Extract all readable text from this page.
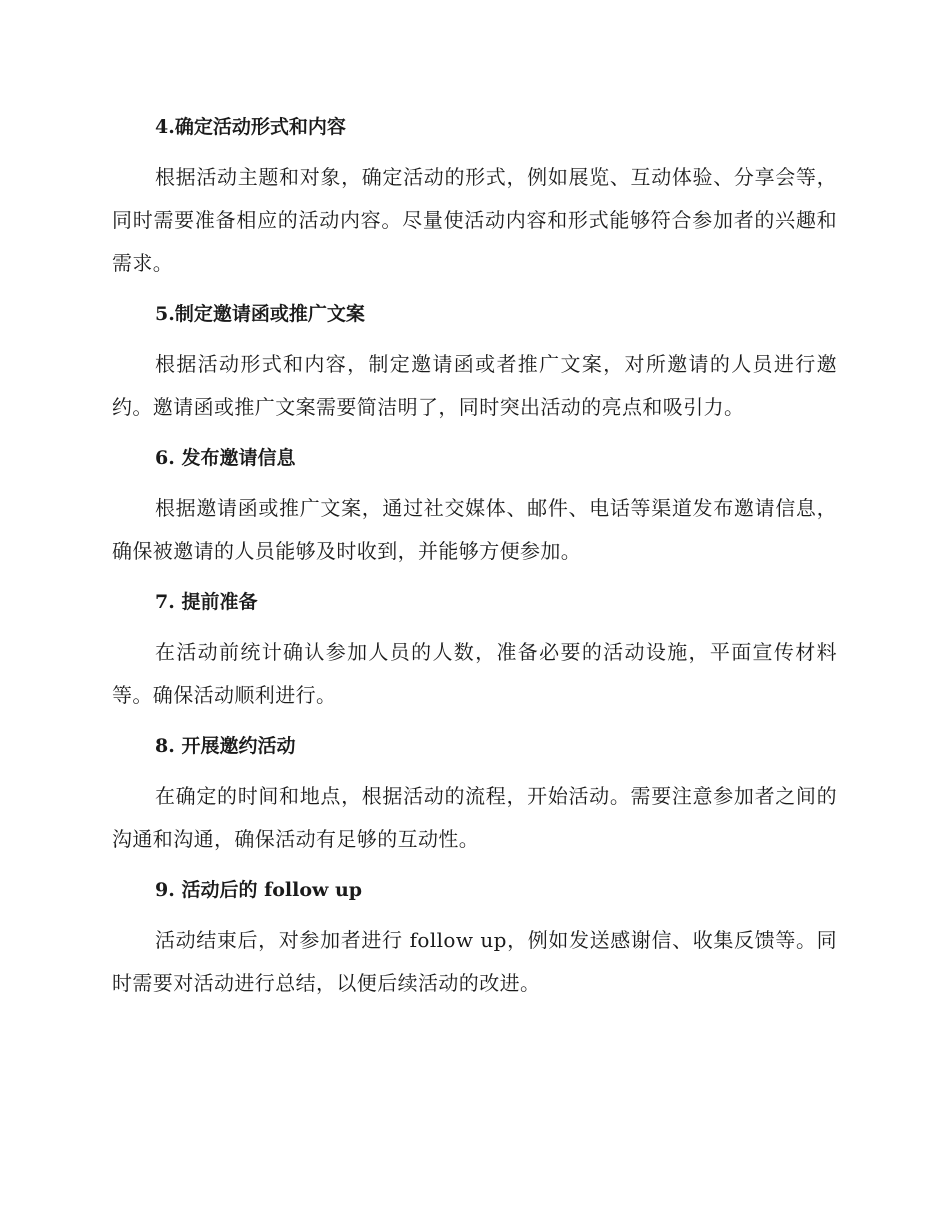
4.确定活动形式和内容

根据活动主题和对象，确定活动的形式，例如展览、互动体验、分享会等，同时需要准备相应的活动内容。尽量使活动内容和形式能够符合参加者的兴趣和需求。

5.制定邀请函或推广文案

根据活动形式和内容，制定邀请函或者推广文案，对所邀请的人员进行邀约。邀请函或推广文案需要简洁明了，同时突出活动的亮点和吸引力。

6. 发布邀请信息

根据邀请函或推广文案，通过社交媒体、邮件、电话等渠道发布邀请信息，确保被邀请的人员能够及时收到，并能够方便参加。

7. 提前准备

在活动前统计确认参加人员的人数，准备必要的活动设施，平面宣传材料等。确保活动顺利进行。

8. 开展邀约活动

在确定的时间和地点，根据活动的流程，开始活动。需要注意参加者之间的沟通和沟通，确保活动有足够的互动性。

9. 活动后的 follow up

活动结束后，对参加者进行 follow up，例如发送感谢信、收集反馈等。同时需要对活动进行总结，以便后续活动的改进。
